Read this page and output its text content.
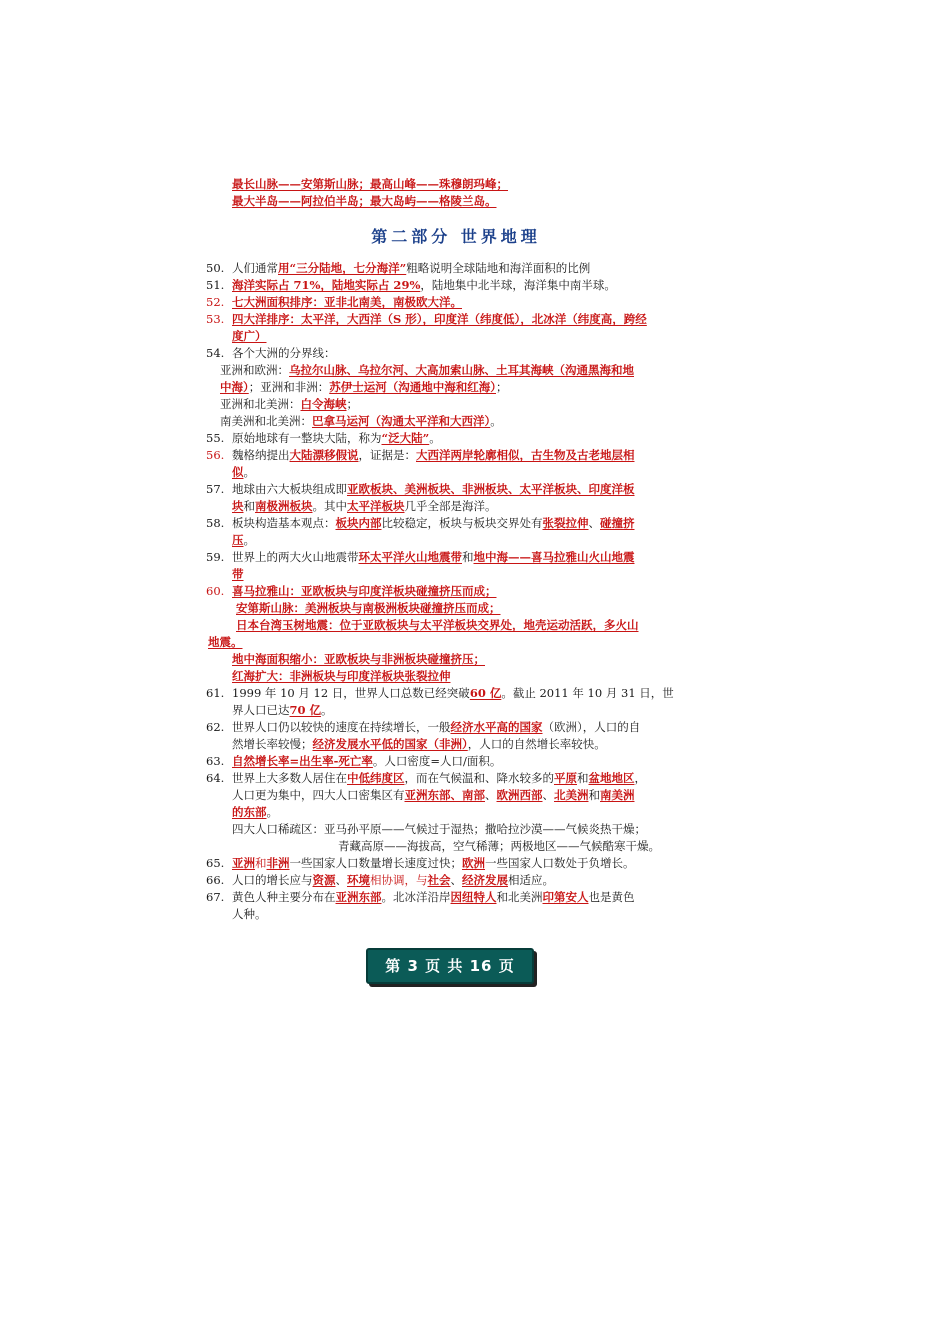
最长山脉——安第斯山脉；最高山峰——珠穆朗玛峰；
最大半岛——阿拉伯半岛；最大岛屿——格陵兰岛。
第二部分 世界地理
50. 人们通常用“三分陆地，七分海洋”粗略说明全球陆地和海洋面积的比例
51. 海洋实际占 71%，陆地实际占 29%，陆地集中北半球，海洋集中南半球。
52. 七大洲面积排序：亚非北南美，南极欧大洋。
53. 四大洋排序：太平洋，大西洋（S 形），印度洋（纬度低），北冰洋（纬度高，跨经
度广）
54. 各个大洲的分界线：
亚洲和欧洲：乌拉尔山脉、乌拉尔河、大高加索山脉、土耳其海峡（沟通黑海和地
中海）；亚洲和非洲：苏伊士运河（沟通地中海和红海）；
亚洲和北美洲：白令海峡；
南美洲和北美洲：巴拿马运河（沟通太平洋和大西洋）。
55. 原始地球有一整块大陆，称为“泛大陆”。
56. 魏格纳提出大陆漂移假说，证据是：大西洋两岸轮廓相似，古生物及古老地层相
似。
57. 地球由六大板块组成即亚欧板块、美洲板块、非洲板块、太平洋板块、印度洋板
块和南极洲板块。其中太平洋板块几乎全部是海洋。
58. 板块构造基本观点：板块内部比较稳定，板块与板块交界处有张裂拉伸、碰撞挤
压。
59. 世界上的两大火山地震带环太平洋火山地震带和地中海——喜马拉雅山火山地震
带
60. 喜马拉雅山：亚欧板块与印度洋板块碰撞挤压而成；
安第斯山脉：美洲板块与南极洲板块碰撞挤压而成；
日本台湾玉树地震：位于亚欧板块与太平洋板块交界处，地壳运动活跃，多火山
地震。
地中海面积缩小：亚欧板块与非洲板块碰撞挤压；
红海扩大：非洲板块与印度洋板块张裂拉伸
61. 1999 年 10 月 12 日，世界人口总数已经突破60 亿。截止 2011 年 10 月 31 日，世
界人口已达70 亿。
62. 世界人口仍以较快的速度在持续增长，一般经济水平高的国家（欧洲），人口的自
然增长率较慢；经济发展水平低的国家（非洲），人口的自然增长率较快。
63. 自然增长率=出生率-死亡率。人口密度=人口/面积。
64. 世界上大多数人居住在中低纬度区，而在气候温和、降水较多的平原和盆地地区，
人口更为集中，四大人口密集区有亚洲东部、南部、欧洲西部、北美洲和南美洲
的东部。
四大人口稀疏区：亚马孙平原——气候过于湿热；撒哈拉沙漠——气候炎热干燥；
青藏高原——海拔高，空气稀薄；两极地区——气候酷寒干燥。
65. 亚洲和非洲一些国家人口数量增长速度过快；欧洲一些国家人口数处于负增长。
66. 人口的增长应与资源、环境相协调，与社会、经济发展相适应。
67. 黄色人种主要分布在亚洲东部。北冰洋沿岸因纽特人和北美洲印第安人也是黄色
人种。
第 3 页 共 16 页
